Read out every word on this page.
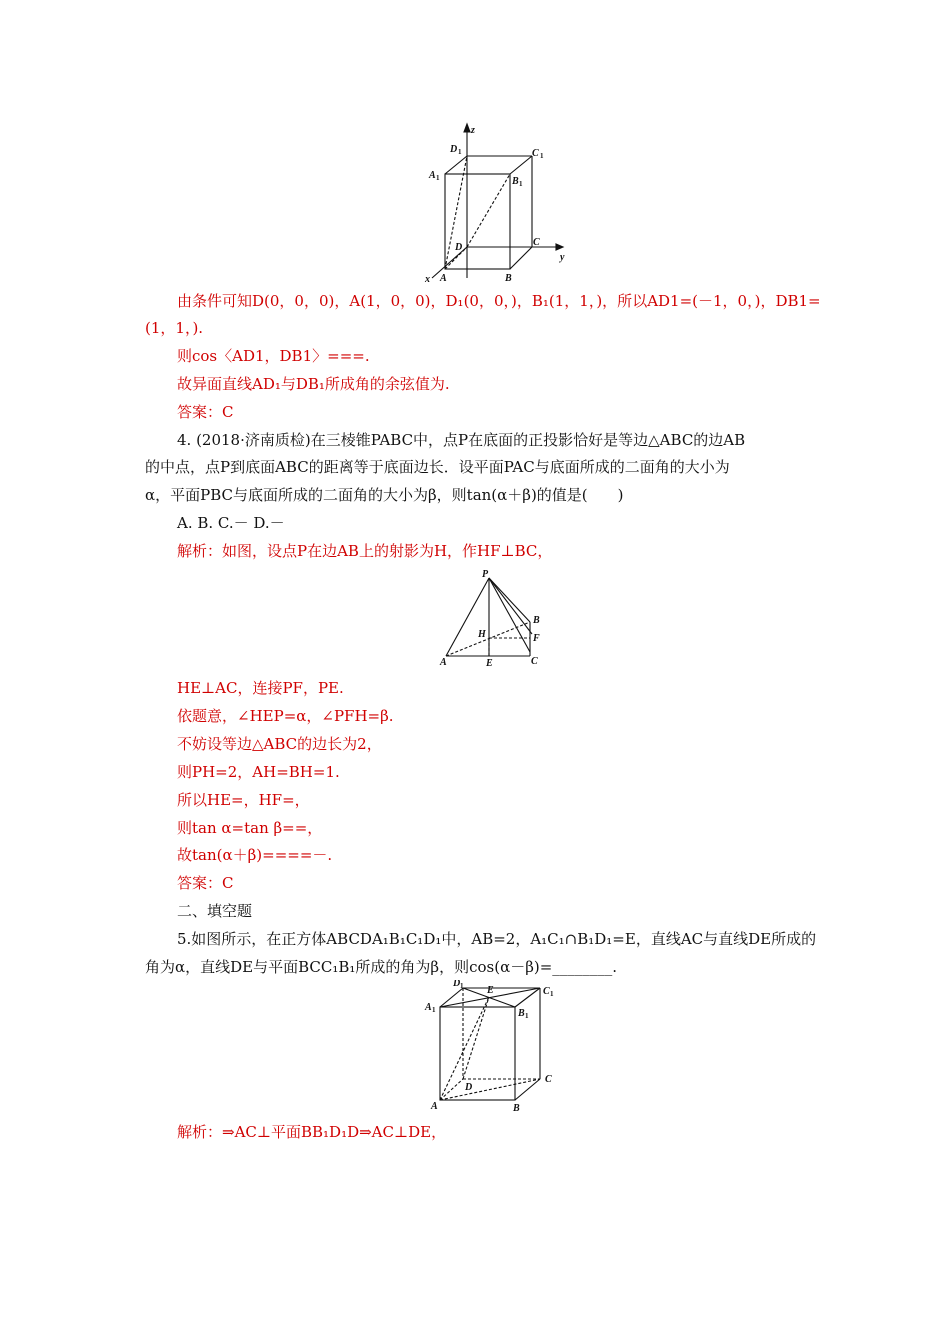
z
y
x
D 1	C 1
A 1	B 1
D	C
A	B
由条件可知D(0，0，0)，A(1，0，0)，D₁(0，0，)，B₁(1，1，)，所以AD1=(－1，0，)，DB1=
(1，1，).
则cos〈AD1，DB1〉===.
故异面直线AD₁与DB₁所成角的余弦值为.
答案：C
4. (2018·济南质检)在三棱锥PABC中，点P在底面的正投影恰好是等边△ABC的边AB
的中点，点P到底面ABC的距离等于底面边长．设平面PAC与底面所成的二面角的大小为
α，平面PBC与底面所成的二面角的大小为β，则tan(α＋β)的值是(　　)
A. B. C.－ D.－
解析：如图，设点P在边AB上的射影为H，作HF⊥BC，
P
B
H	F
A	E	C
HE⊥AC，连接PF，PE.
依题意，∠HEP=α，∠PFH=β.
不妨设等边△ABC的边长为2，
则PH=2，AH=BH=1.
所以HE=，HF=，
则tan α=tan β==，
故tan(α＋β)====－.
答案：C
二、填空题
5.如图所示，在正方体ABCDA₁B₁C₁D₁中，AB=2，A₁C₁∩B₁D₁=E，直线AC与直线DE所成的
角为α，直线DE与平面BCC₁B₁所成的角为β，则cos(α－β)=________.
D 1 E	C 1
A 1	B 1
D
C
A	B
解析：⇒AC⊥平面BB₁D₁D⇒AC⊥DE，
